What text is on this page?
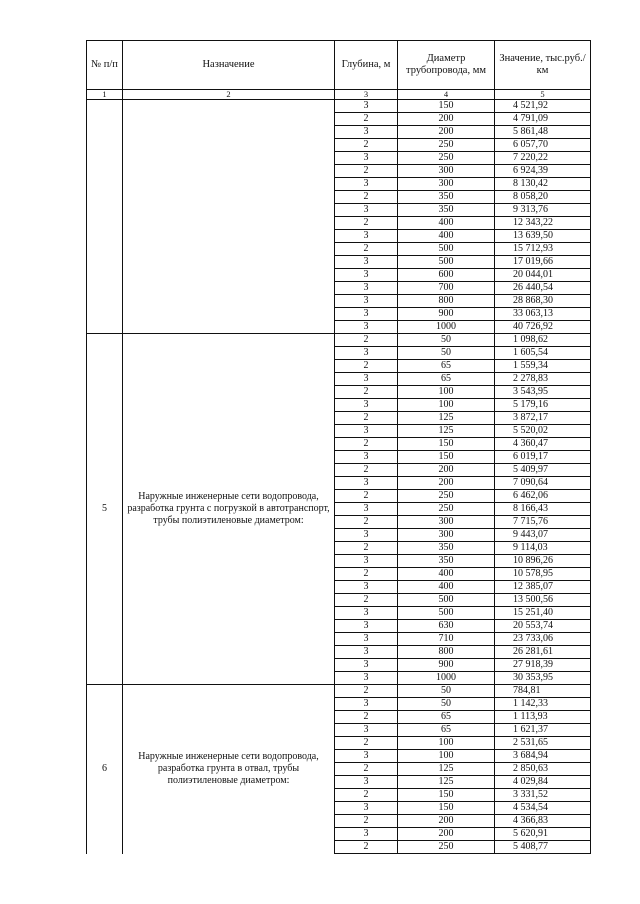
№ п/п	Назначение	Глубина, м	Диаметр трубопровода, мм	Значение, тыс.руб./км
1	2	3	4	5
		3	150	4 521,92
		2	200	4 791,09
		3	200	5 861,48
		2	250	6 057,70
		3	250	7 220,22
		2	300	6 924,39
		3	300	8 130,42
		2	350	8 058,20
		3	350	9 313,76
		2	400	12 343,22
		3	400	13 639,50
		2	500	15 712,93
		3	500	17 019,66
		3	600	20 044,01
		3	700	26 440,54
		3	800	28 868,30
		3	900	33 063,13
		3	1000	40 726,92
5	Наружные инженерные сети водопровода, разработка грунта с погрузкой в автотранспорт, трубы полиэтиленовые диаметром:	2	50	1 098,62
		3	50	1 605,54
		2	65	1 559,34
		3	65	2 278,83
		2	100	3 543,95
		3	100	5 179,16
		2	125	3 872,17
		3	125	5 520,02
		2	150	4 360,47
		3	150	6 019,17
		2	200	5 409,97
		3	200	7 090,64
		2	250	6 462,06
		3	250	8 166,43
		2	300	7 715,76
		3	300	9 443,07
		2	350	9 114,03
		3	350	10 896,26
		2	400	10 578,95
		3	400	12 385,07
		2	500	13 500,56
		3	500	15 251,40
		3	630	20 553,74
		3	710	23 733,06
		3	800	26 281,61
		3	900	27 918,39
		3	1000	30 353,95
6	Наружные инженерные сети водопровода, разработка грунта в отвал, трубы полиэтиленовые диаметром:	2	50	784,81
		3	50	1 142,33
		2	65	1 113,93
		3	65	1 621,37
		2	100	2 531,65
		3	100	3 684,94
		2	125	2 850,63
		3	125	4 029,84
		2	150	3 331,52
		3	150	4 534,54
		2	200	4 366,83
		3	200	5 620,91
		2	250	5 408,77
